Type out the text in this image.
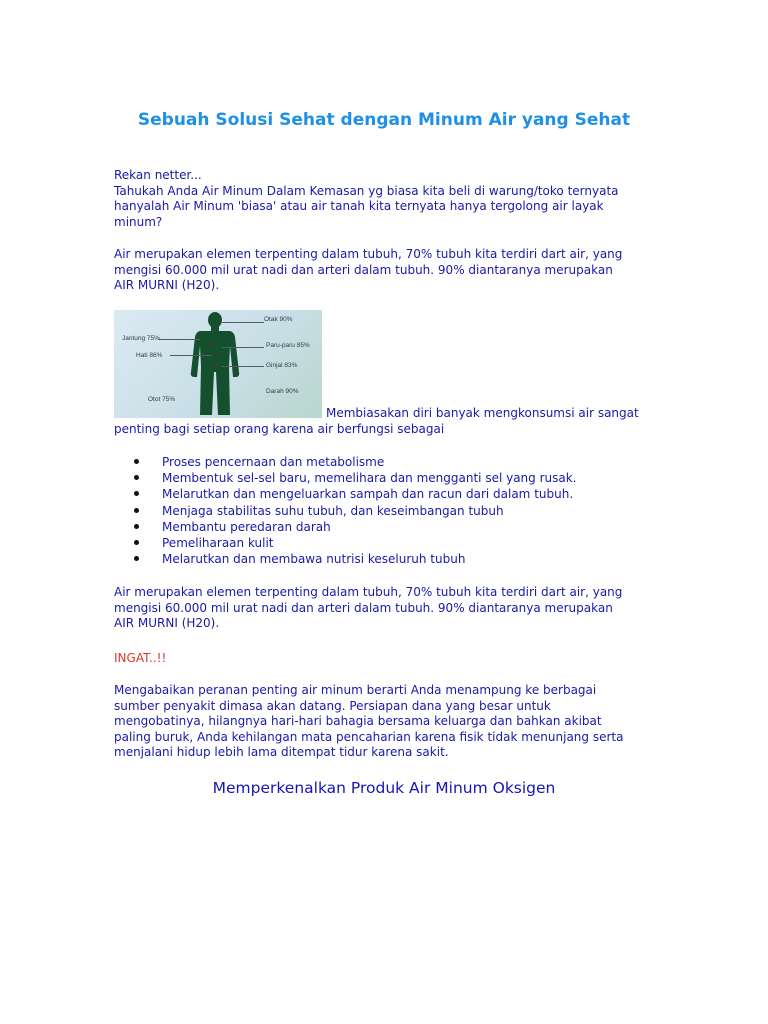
Sebuah Solusi Sehat dengan Minum Air yang Sehat
Rekan netter...
Tahukah Anda Air Minum Dalam Kemasan yg biasa kita beli di warung/toko ternyata
hanyalah Air Minum 'biasa' atau air tanah kita ternyata hanya tergolong air layak
minum?
Air merupakan elemen terpenting dalam tubuh, 70% tubuh kita terdiri dart air, yang
mengisi 60.000 mil urat nadi dan arteri dalam tubuh. 90% diantaranya merupakan
AIR MURNI (H20).
Otak 90%
Jantung 75%
Paru-paru 85%
Hati 86%
Ginjal 83%
Darah 90%
Otot 75%
Membiasakan diri banyak mengkonsumsi air sangat
penting bagi setiap orang karena air berfungsi sebagai
Proses pencernaan dan metabolisme
Membentuk sel-sel baru, memelihara dan mengganti sel yang rusak.
Melarutkan dan mengeluarkan sampah dan racun dari dalam tubuh.
Menjaga stabilitas suhu tubuh, dan keseimbangan tubuh
Membantu peredaran darah
Pemeliharaan kulit
Melarutkan dan membawa nutrisi keseluruh tubuh
Air merupakan elemen terpenting dalam tubuh, 70% tubuh kita terdiri dart air, yang
mengisi 60.000 mil urat nadi dan arteri dalam tubuh. 90% diantaranya merupakan
AIR MURNI (H20).
INGAT..!!
Mengabaikan peranan penting air minum berarti Anda menampung ke berbagai
sumber penyakit dimasa akan datang. Persiapan dana yang besar untuk
mengobatinya, hilangnya hari-hari bahagia bersama keluarga dan bahkan akibat
paling buruk, Anda kehilangan mata pencaharian karena fisik tidak menunjang serta
menjalani hidup lebih lama ditempat tidur karena sakit.
Memperkenalkan Produk Air Minum Oksigen
